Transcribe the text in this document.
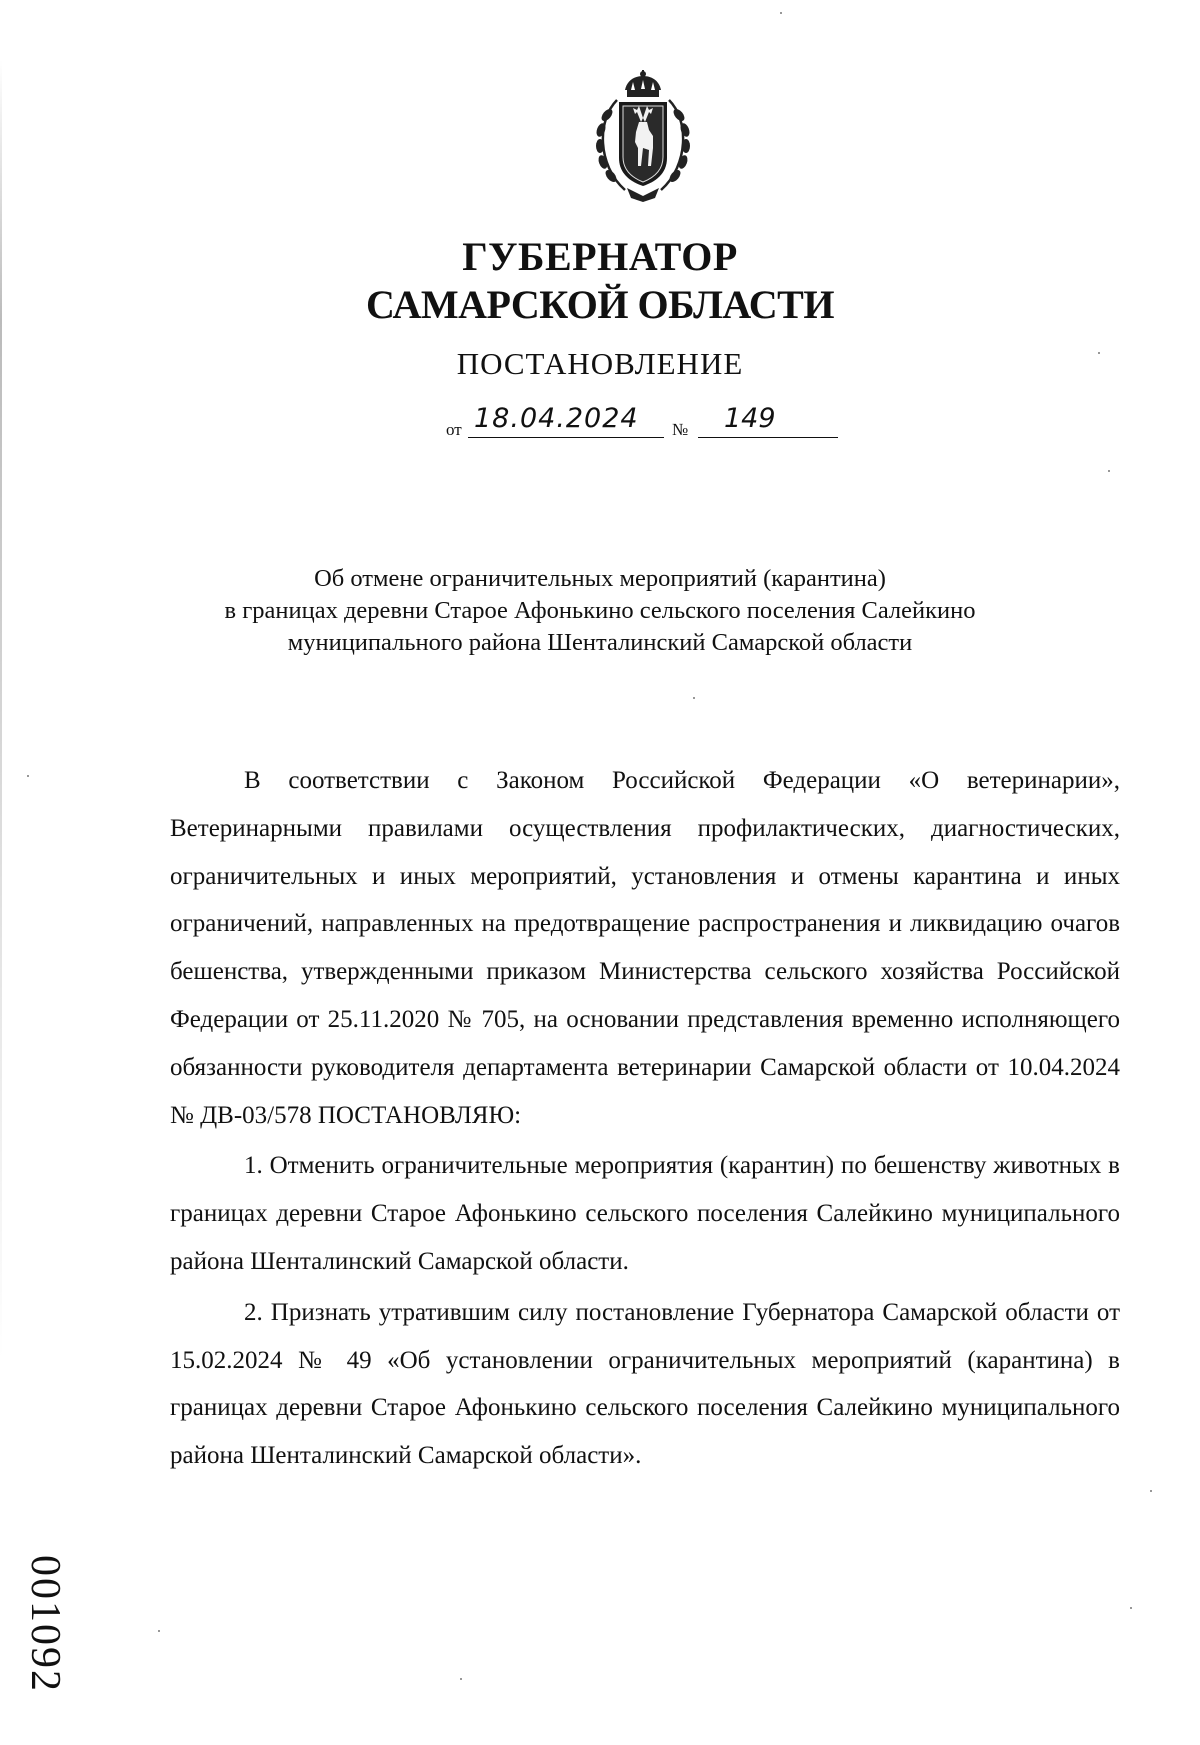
ГУБЕРНАТОР
САМАРСКОЙ ОБЛАСТИ
ПОСТАНОВЛЕНИЕ
от 18.04.2024	№	149
Об отмене ограничительных мероприятий (карантина)
в границах деревни Старое Афонькино сельского поселения Салейкино
муниципального района Шенталинский Самарской области

В соответствии с Законом Российской Федерации «О ветеринарии», Ветеринарными правилами осуществления профилактических, диагностических, ограничительных и иных мероприятий, установления и отмены карантина и иных ограничений, направленных на предотвращение распространения и ликвидацию очагов бешенства, утвержденными приказом Министерства сельского хозяйства Российской Федерации от 25.11.2020 № 705, на основании представления временно исполняющего обязанности руководителя департамента ветеринарии Самарской области от 10.04.2024 № ДВ-03/578 ПОСТАНОВЛЯЮ:

1. Отменить ограничительные мероприятия (карантин) по бешенству животных в границах деревни Старое Афонькино сельского поселения Салейкино муниципального района Шенталинский Самарской области.

2. Признать утратившим силу постановление Губернатора Самарской области от 15.02.2024 № 49 «Об установлении ограничительных мероприятий (карантина) в границах деревни Старое Афонькино сельского поселения Салейкино муниципального района Шенталинский Самарской области».

001092
